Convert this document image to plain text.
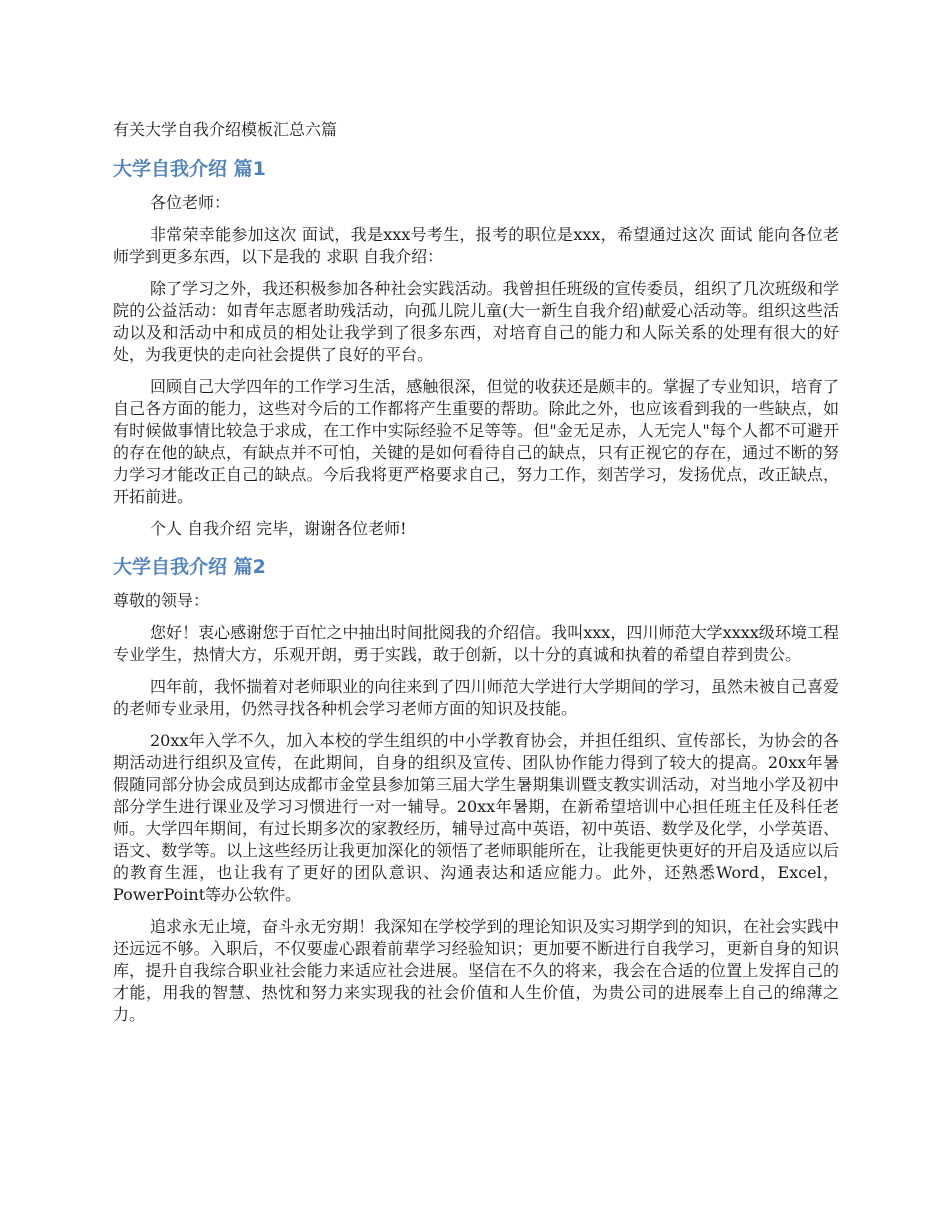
有关大学自我介绍模板汇总六篇
大学自我介绍 篇1

各位老师：

非常荣幸能参加这次 面试，我是xxx号考生，报考的职位是xxx，希望通过这次 面试 能向各位老师学到更多东西，以下是我的 求职 自我介绍：

除了学习之外，我还积极参加各种社会实践活动。我曾担任班级的宣传委员，组织了几次班级和学院的公益活动：如青年志愿者助残活动，向孤儿院儿童(大一新生自我介绍)献爱心活动等。组织这些活动以及和活动中和成员的相处让我学到了很多东西，对培育自己的能力和人际关系的处理有很大的好处，为我更快的走向社会提供了良好的平台。

回顾自己大学四年的工作学习生活，感触很深，但觉的收获还是颇丰的。掌握了专业知识，培育了自己各方面的能力，这些对今后的工作都将产生重要的帮助。除此之外，也应该看到我的一些缺点，如有时候做事情比较急于求成，在工作中实际经验不足等等。但"金无足赤，人无完人"每个人都不可避开的存在他的缺点，有缺点并不可怕，关键的是如何看待自己的缺点，只有正视它的存在，通过不断的努力学习才能改正自己的缺点。今后我将更严格要求自己，努力工作，刻苦学习，发扬优点，改正缺点，开拓前进。

个人 自我介绍 完毕，谢谢各位老师!

大学自我介绍 篇2

尊敬的领导：

您好！衷心感谢您于百忙之中抽出时间批阅我的介绍信。我叫xxx，四川师范大学xxxx级环境工程专业学生，热情大方，乐观开朗，勇于实践，敢于创新，以十分的真诚和执着的希望自荐到贵公。

四年前，我怀揣着对老师职业的向往来到了四川师范大学进行大学期间的学习，虽然未被自己喜爱的老师专业录用，仍然寻找各种机会学习老师方面的知识及技能。

20xx年入学不久，加入本校的学生组织的中小学教育协会，并担任组织、宣传部长，为协会的各期活动进行组织及宣传，在此期间，自身的组织及宣传、团队协作能力得到了较大的提高。20xx年暑假随同部分协会成员到达成都市金堂县参加第三届大学生暑期集训暨支教实训活动，对当地小学及初中部分学生进行课业及学习习惯进行一对一辅导。20xx年暑期，在新希望培训中心担任班主任及科任老师。大学四年期间，有过长期多次的家教经历，辅导过高中英语，初中英语、数学及化学，小学英语、语文、数学等。以上这些经历让我更加深化的领悟了老师职能所在，让我能更快更好的开启及适应以后的教育生涯，也让我有了更好的团队意识、沟通表达和适应能力。此外，还熟悉Word，Excel，PowerPoint等办公软件。

追求永无止境，奋斗永无穷期！我深知在学校学到的理论知识及实习期学到的知识，在社会实践中还远远不够。入职后，不仅要虚心跟着前辈学习经验知识；更加要不断进行自我学习，更新自身的知识库，提升自我综合职业社会能力来适应社会进展。坚信在不久的将来，我会在合适的位置上发挥自己的才能，用我的智慧、热忱和努力来实现我的社会价值和人生价值，为贵公司的进展奉上自己的绵薄之力。
